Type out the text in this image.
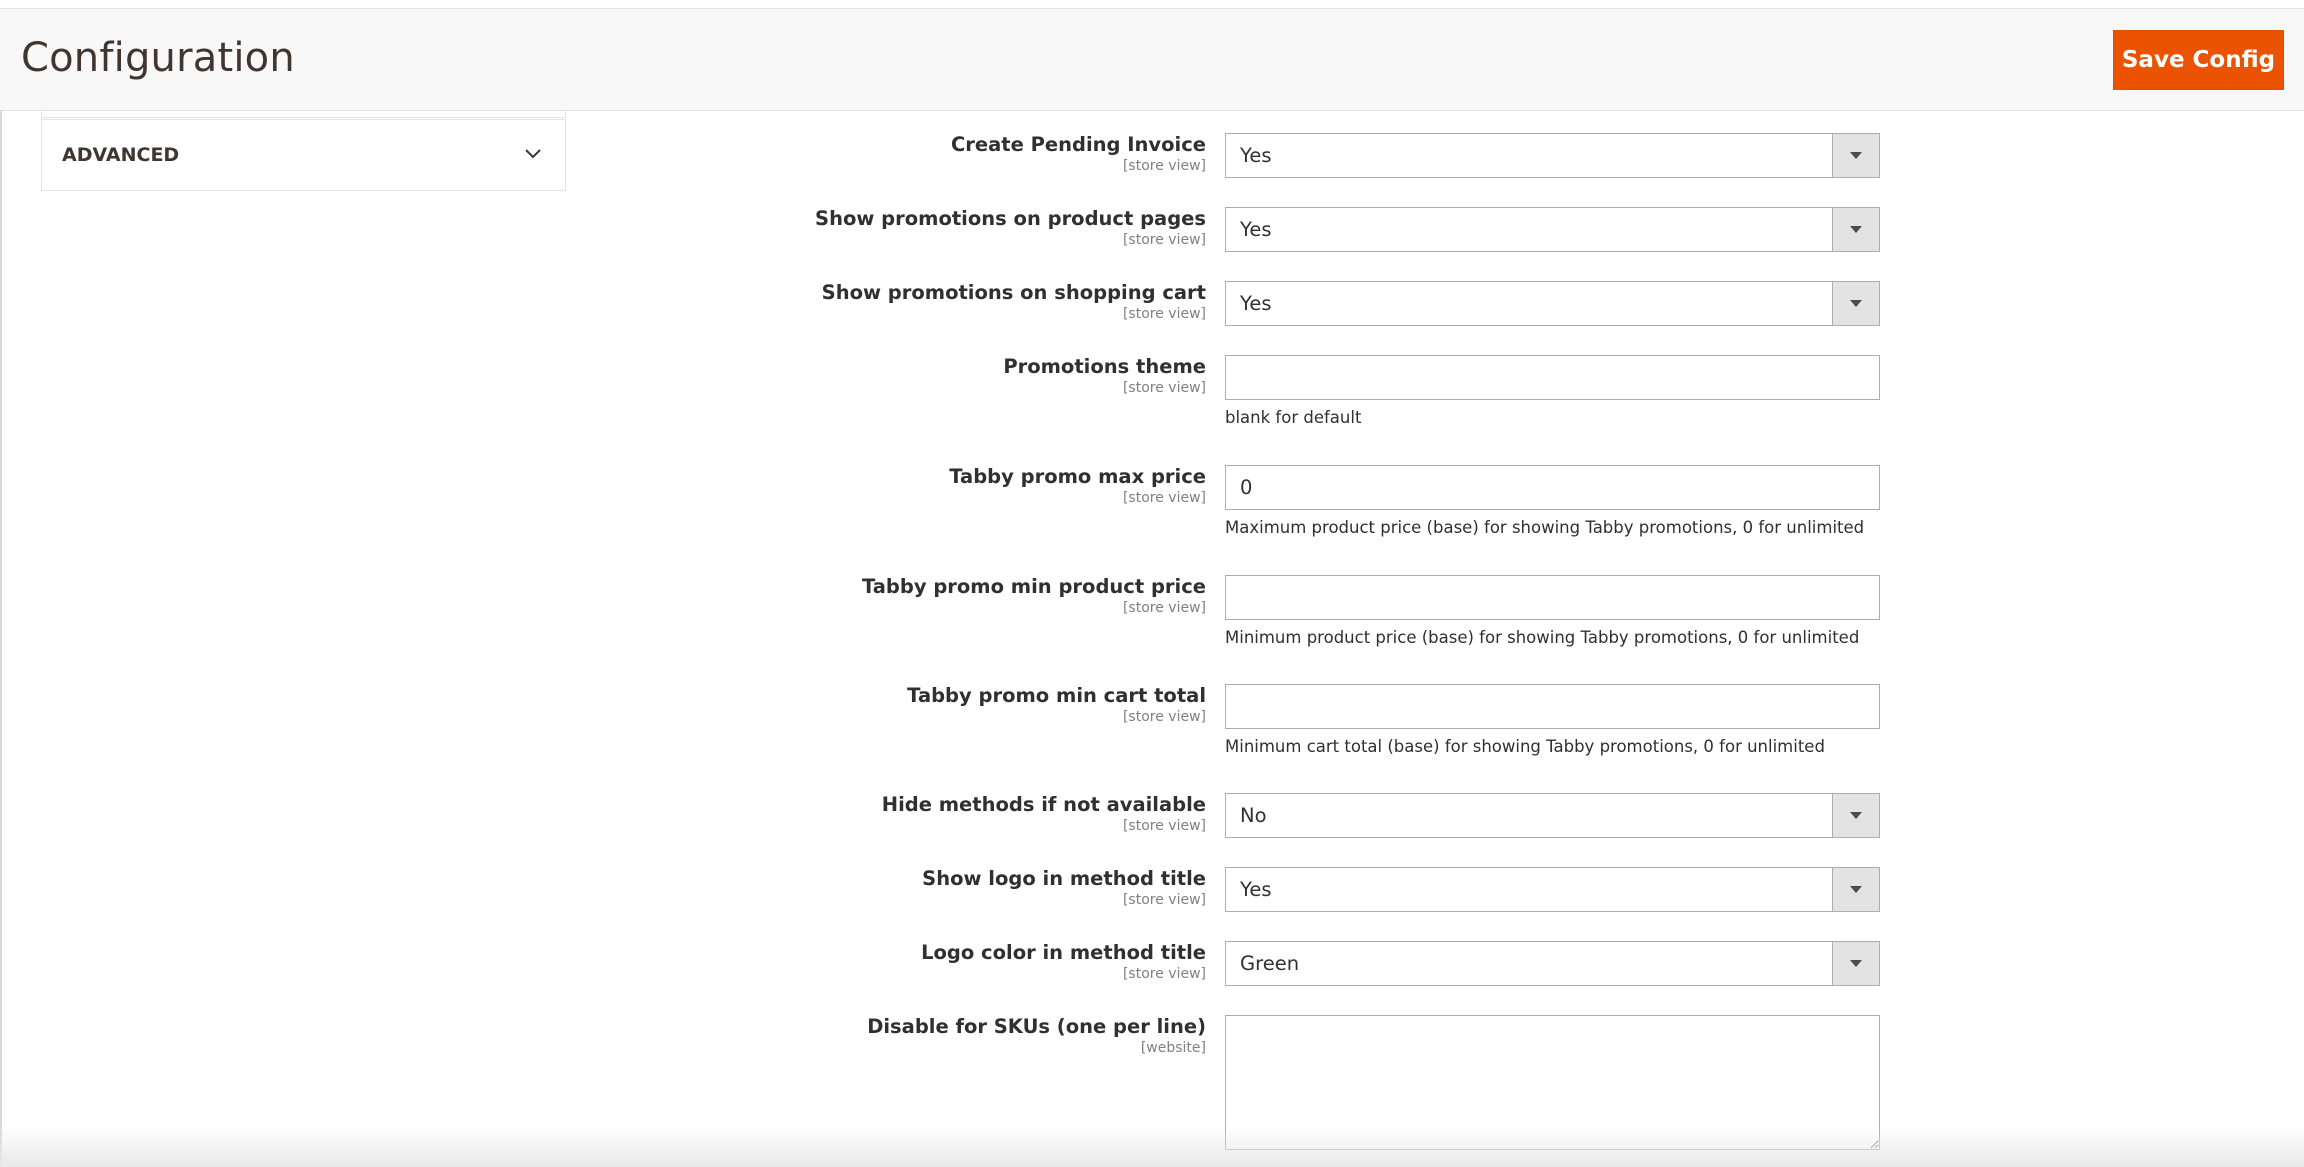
Configuration	Save Config
ADVANCED	Create Pending Invoice
[store view] Yes
Show promotions on product pages
[store view] Yes
Show promotions on shopping cart
[store view] Yes
Promotions theme
[store view]
blank for default
Tabby promo max price
[store view]
0
Maximum product price (base) for showing Tabby promotions, 0 for unlimited
Tabby promo min product price
[store view]
Minimum product price (base) for showing Tabby promotions, 0 for unlimited
Tabby promo min cart total
[store view]
Minimum cart total (base) for showing Tabby promotions, 0 for unlimited
Hide methods if not available
[store view] No
Show logo in method title
[store view] Yes
Logo color in method title
[store view] Green
Disable for SKUs (one per line)
[website]
